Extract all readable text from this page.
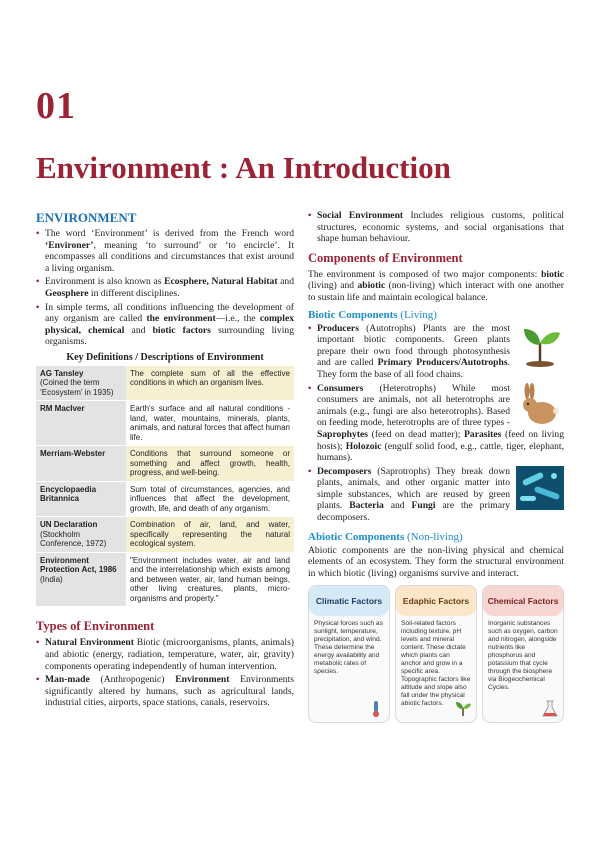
01
Environment : An Introduction
ENVIRONMENT
• The word ‘Environment’ is derived from the French word ‘Environer’, meaning ‘to surround’ or ‘to encircle’. It encompasses all conditions and circumstances that exist around a living organism.
• Environment is also known as Ecosphere, Natural Habitat and Geosphere in different disciplines.
• In simple terms, all conditions influencing the development of any organism are called the environment—i.e., the complex physical, chemical and biotic factors surrounding living organisms.
Key Definitions / Descriptions of Environment
AG Tansley
(Coined the term ‘Ecosystem’ in 1935)	The complete sum of all the effective conditions in which an organism lives.

RM MacIver	Earth's surface and all natural conditions - land, water, mountains, minerals, plants, animals, and natural forces that affect human life.

Merriam-Webster	Conditions that surround someone or something and affect growth, health, progress, and well-being.

Encyclopaedia Britannica	Sum total of circumstances, agencies, and influences that affect the development, growth, life, and death of any organism.

UN Declaration
(Stockholm Conference, 1972)	Combination of air, land, and water, specifically representing the natural ecological system.

Environment Protection Act, 1986
(India)	"Environment includes water, air and land and the interrelationship which exists among and between water, air, land human beings, other living creatures, plants, micro-organisms and property."
Types of Environment
• Natural Environment Biotic (microorganisms, plants, animals) and abiotic (energy, radiation, temperature, water, air, gravity) components operating independently of human intervention.
• Man-made (Anthropogenic) Environment Environments significantly altered by humans, such as agricultural lands, industrial cities, airports, space stations, canals, reservoirs.
• Social Environment Includes religious customs, political structures, economic systems, and social organisations that shape human behaviour.
Components of Environment

The environment is composed of two major components: biotic (living) and abiotic (non-living) which interact with one another to sustain life and maintain ecological balance.

Biotic Components (Living)
• Producers (Autotrophs) Plants are the most important biotic components. Green plants prepare their own food through photosynthesis and are called Primary Producers/Autotrophs. They form the base of all food chains.
• Consumers (Heterotrophs) While most consumers are animals, not all heterotrophs are animals (e.g., fungi are also heterotrophs). Based on feeding mode, heterotrophs are of three types - Saprophytes (feed on dead matter); Parasites (feed on living hosts); Holozoic (engulf solid food, e.g., cattle, tiger, elephant, humans).
• Decomposers (Saprotrophs) They break down plants, animals, and other organic matter into simple substances, which are reused by green plants. Bacteria and Fungi are the primary decomposers.
Abiotic Components (Non-living)

Abiotic components are the non-living physical and chemical elements of an ecosystem. They form the structural environment in which biotic (living) organisms survive and interact.

Climatic Factors
Physical forces such as sunlight, temperature, precipitation, and wind. These determine the energy availability and metabolic rates of species.
Edaphic Factors
Soil-related factors including texture, pH levels and mineral content. These dictate which plants can anchor and grow in a specific area. Topographic factors like altitude and slope also fall under the physical abiotic factors.
Chemical Factors
Inorganic substances such as oxygen, carbon and nitrogen, alongside nutrients like phosphorus and potassium that cycle through the biosphere via Biogeochemical Cycles.
